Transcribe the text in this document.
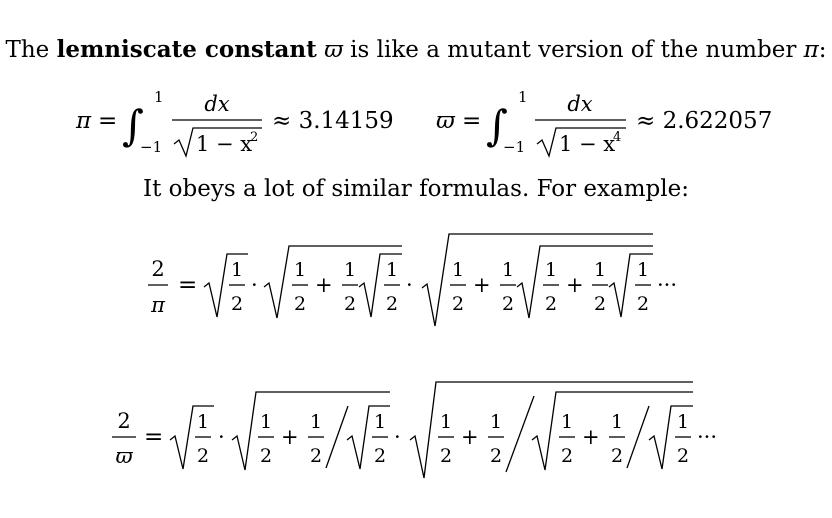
The lemniscate constant ϖ is like a mutant version of the number π:
π = ∫
1
−1
dx
1 − x
2
≈ 3.14159 ϖ = ∫
1
−1
dx
1 − x
4
≈ 2.622057
2
π
=
1
2
·
1
2
+
1
2
1
2
·
1
2
+
1
2
1
2
+
1
2
1
2
···
2
ϖ
=
1
2
·
1
2
+
1
2
1
2
·
1
2
+
1
2
1
2
+
1
2
1
2
···
It obeys a lot of similar formulas. For example:
